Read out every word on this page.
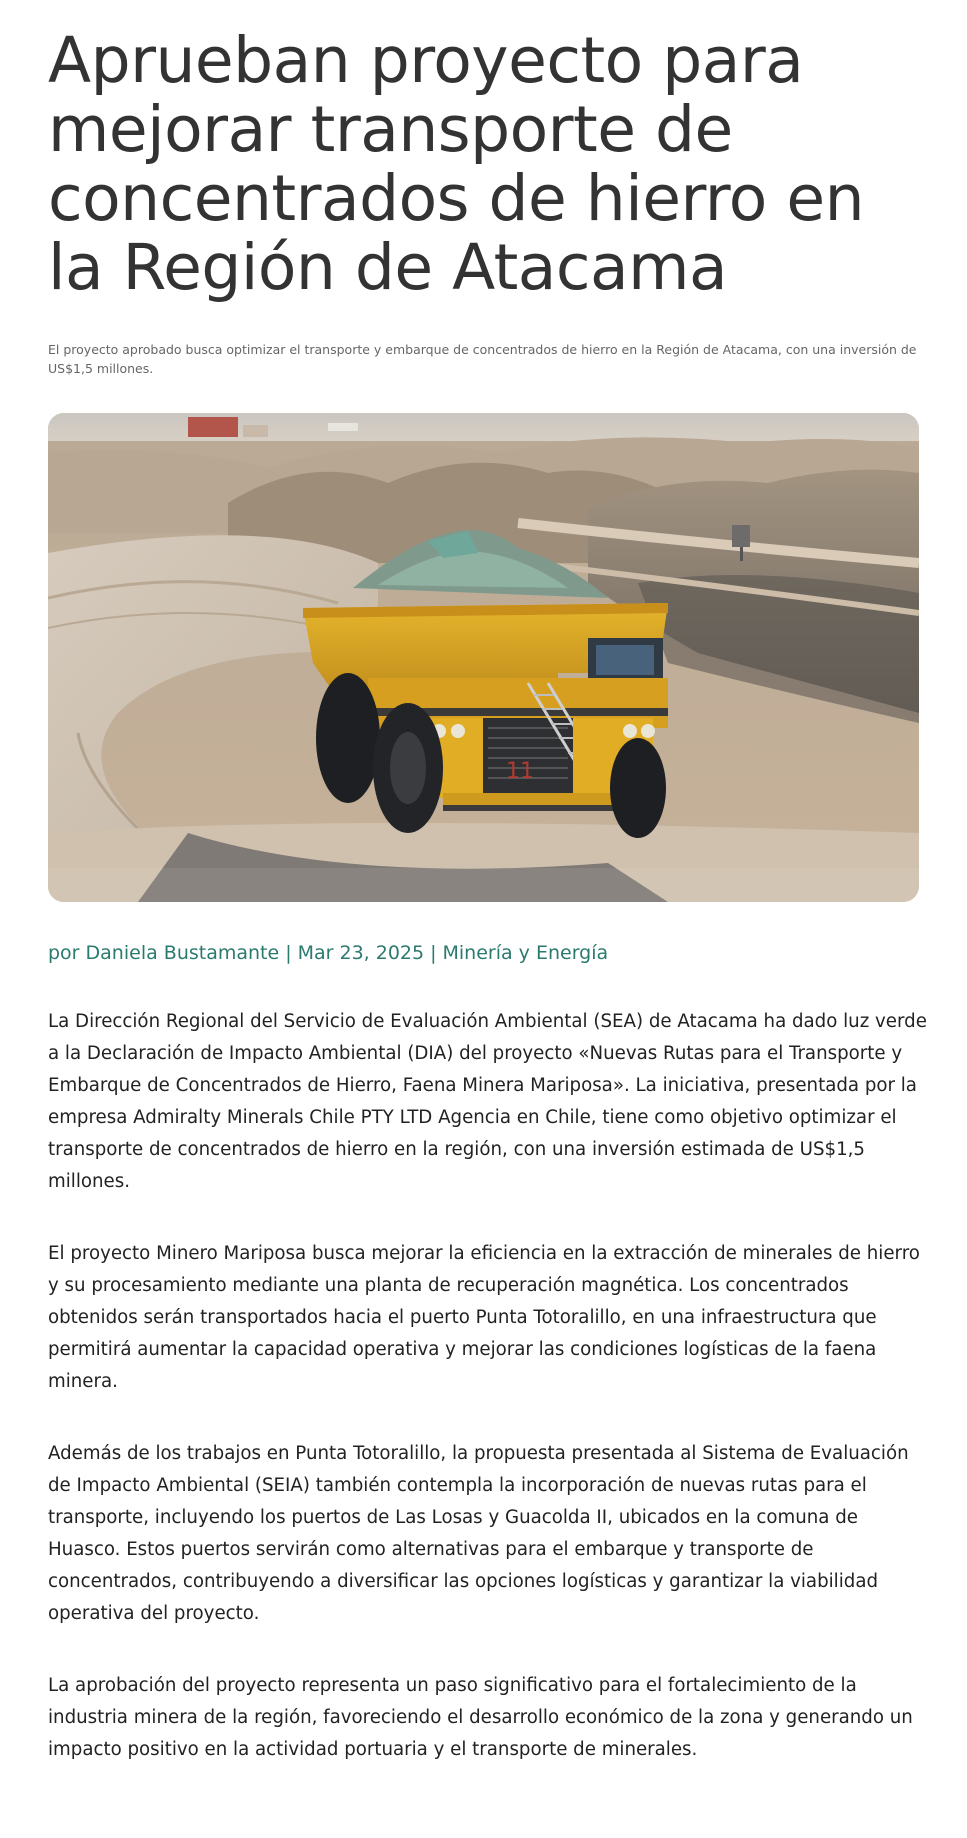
Aprueban proyecto para mejorar transporte de concentrados de hierro en la Región de Atacama

El proyecto aprobado busca optimizar el transporte y embarque de concentrados de hierro en la Región de Atacama, con una inversión de US$1,5 millones.

11
por Daniela Bustamante | Mar 23, 2025 | Minería y Energía

La Dirección Regional del Servicio de Evaluación Ambiental (SEA) de Atacama ha dado luz verde a la Declaración de Impacto Ambiental (DIA) del proyecto «Nuevas Rutas para el Transporte y Embarque de Concentrados de Hierro, Faena Minera Mariposa». La iniciativa, presentada por la empresa Admiralty Minerals Chile PTY LTD Agencia en Chile, tiene como objetivo optimizar el transporte de concentrados de hierro en la región, con una inversión estimada de US$1,5 millones.

El proyecto Minero Mariposa busca mejorar la eficiencia en la extracción de minerales de hierro y su procesamiento mediante una planta de recuperación magnética. Los concentrados obtenidos serán transportados hacia el puerto Punta Totoralillo, en una infraestructura que permitirá aumentar la capacidad operativa y mejorar las condiciones logísticas de la faena minera.

Además de los trabajos en Punta Totoralillo, la propuesta presentada al Sistema de Evaluación de Impacto Ambiental (SEIA) también contempla la incorporación de nuevas rutas para el transporte, incluyendo los puertos de Las Losas y Guacolda II, ubicados en la comuna de Huasco. Estos puertos servirán como alternativas para el embarque y transporte de concentrados, contribuyendo a diversificar las opciones logísticas y garantizar la viabilidad operativa del proyecto.

La aprobación del proyecto representa un paso significativo para el fortalecimiento de la industria minera de la región, favoreciendo el desarrollo económico de la zona y generando un impacto positivo en la actividad portuaria y el transporte de minerales.
